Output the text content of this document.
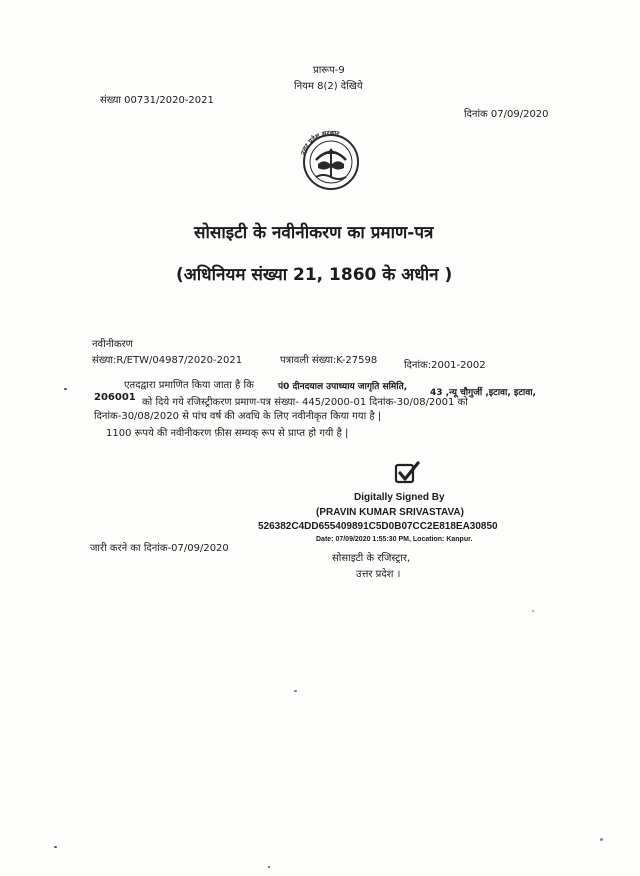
प्रारूप-9
नियम 8(2) देखिये
संख्या 00731/2020-2021
दिनांक 07/09/2020
उत्तर प्रदेश सरकार
सोसाइटी के नवीनीकरण का प्रमाण-पत्र
(अधिनियम संख्या 21, 1860 के अधीन )
नवीनीकरण
संख्या:R/ETW/04987/2020-2021	पत्रावली संख्या:K-27598	दिनांक:2001-2002
एतदद्वारा प्रमाणित किया जाता है कि	पं0 दीनदयाल उपाध्याय जागृति समिति,
43 ,न्यू चौगुर्जी ,इटावा, इटावा,
206001 को दिये गये रजिस्ट्रीकरण प्रमाण-पत्र संख्या- 445/2000-01 दिनांक-30/08/2001 को
दिनांक-30/08/2020 से पांच वर्ष की अवधि के लिए नवीनीकृत किया गया है |
1100 रूपये की नवीनीकरण फ़ीस सम्यक् रूप से प्राप्त हो गयी है |
Digitally Signed By
(PRAVIN KUMAR SRIVASTAVA)
526382C4DD655409891C5D0B07CC2E818EA30850
Date: 07/09/2020 1:55:30 PM, Location: Kanpur.
सोसाइटी के रजिस्ट्रार,
उत्तर प्रदेश ।
जारी करने का दिनांक-07/09/2020
